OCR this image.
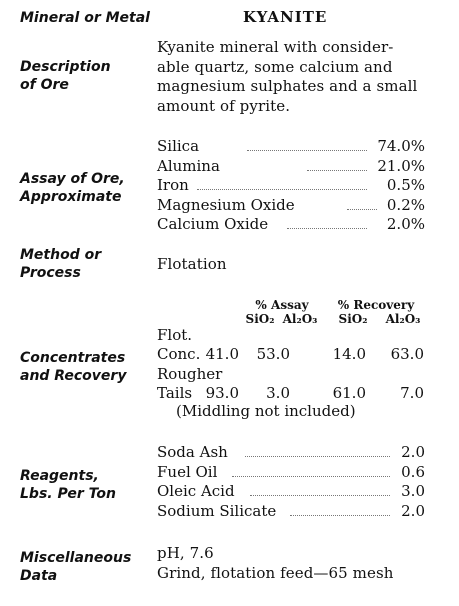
Mineral or Metal	KYANITE
Description
of Ore
Kyanite mineral with consider-
able quartz, some calcium and
magnesium sulphates and a small
amount of pyrite.
Assay of Ore,
Approximate
Silica	74.0%
Alumina	21.0%
Iron	0.5%
Magnesium Oxide	0.2%
Calcium Oxide	2.0%
Method or
Process	Flotation
% Assay	% Recovery
SiO₂ Al₂O₃	SiO₂	Al₂O₃
Concentrates
and Recovery
Flot.
Conc. 41.0 53.0	14.0 63.0
Rougher
Tails 93.0	3.0	61.0	7.0
(Middling not included)
Reagents,
Lbs. Per Ton
Soda Ash	2.0
Fuel Oil	0.6
Oleic Acid	3.0
Sodium Silicate	2.0
Miscellaneous
Data
pH, 7.6
Grind, flotation feed—65 mesh
